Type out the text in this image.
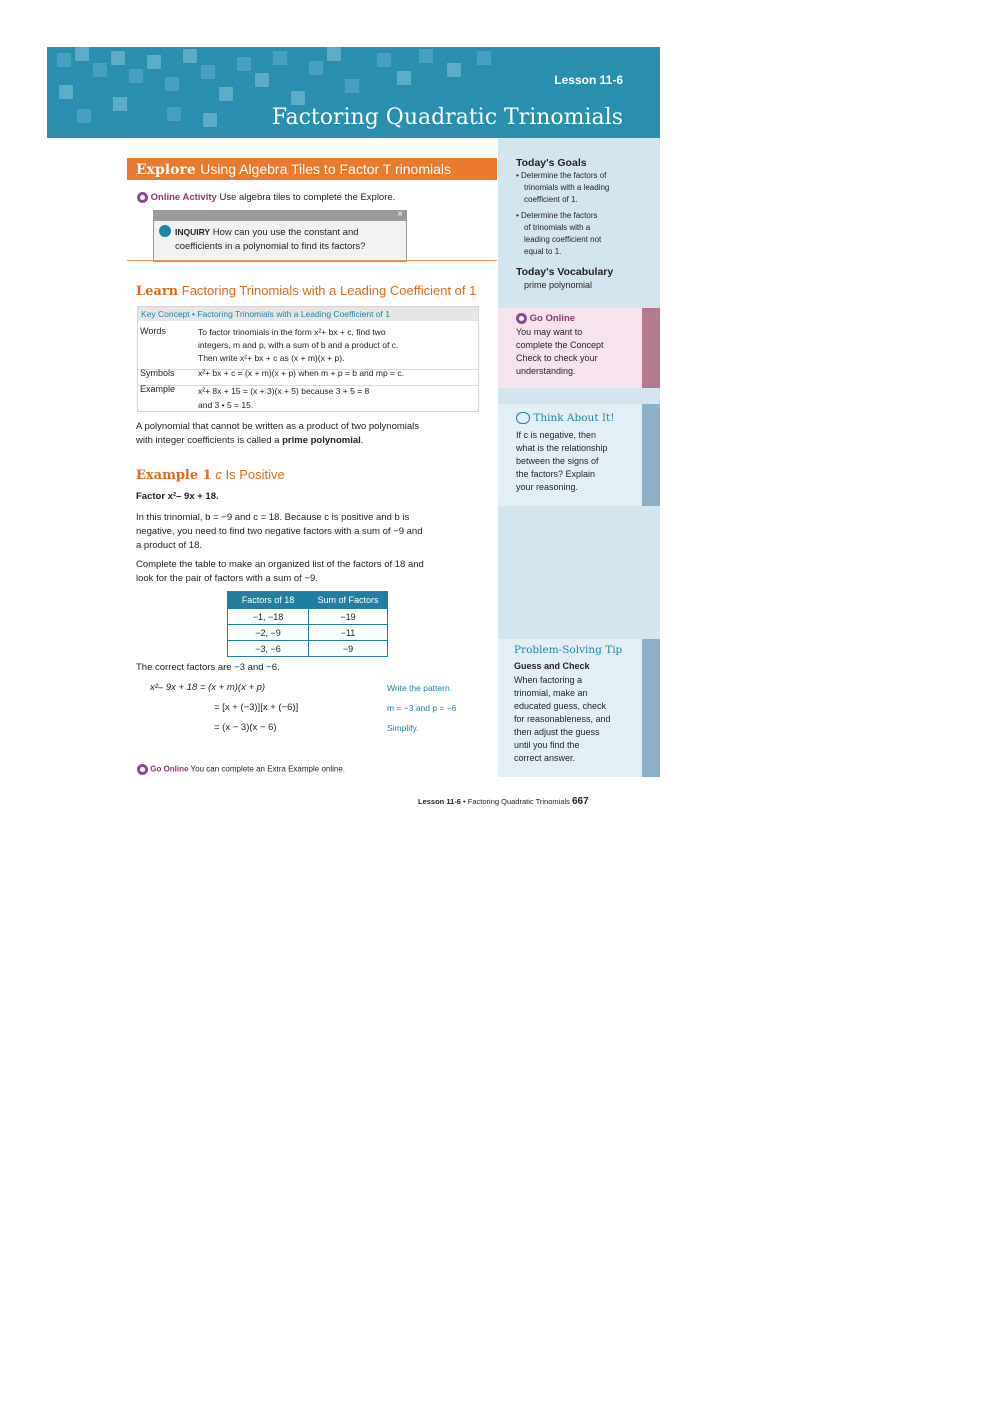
Lesson 11-6
Factoring Quadratic Trinomials
Today's Goals
• Determine the factors of
trinomials with a leading
coefficient of 1.
• Determine the factors
of trinomials with a
leading coefficient not
equal to 1.
Today's Vocabulary
prime polynomial
Go Online
You may want to
complete the Concept
Check to check your
understanding.
Think About It!
If c is negative, then
what is the relationship
between the signs of
the factors? Explain
your reasoning.
Problem-Solving Tip
Guess and Check
When factoring a
trinomial, make an
educated guess, check
for reasonableness, and
then adjust the guess
until you find the
correct answer.
Explore Using Algebra Tiles to Factor T rinomials
Online Activity Use algebra tiles to complete the Explore.
×
INQUIRY How can you use the constant and
coefficients in a polynomial to find its factors?
Learn Factoring Trinomials with a Leading Coefficient of 1
Key Concept • Factoring Trinomials with a Leading Coefficient of 1
Words	To factor trinomials in the form x²+ bx + c, find two
integers, m and p, with a sum of b and a product of c.
Then write x²+ bx + c as (x + m)(x + p).
Symbols	x²+ bx + c = (x + m)(x + p) when m + p = b and mp = c.
Example	x²+ 8x + 15 = (x + 3)(x + 5) because 3 + 5 = 8
and 3 • 5 = 15.
A polynomial that cannot be written as a product of two polynomials
with integer coefficients is called a prime polynomial.
Example 1 c Is Positive
Factor x²– 9x + 18.
In this trinomial, b = −9 and c = 18. Because c is positive and b is
negative, you need to find two negative factors with a sum of −9 and
a product of 18.
Complete the table to make an organized list of the factors of 18 and
look for the pair of factors with a sum of −9.
Factors of 18	Sum of Factors
−1, −18	−19
−2, −9	−11
−3, −6	−9
The correct factors are −3 and −6.
x²– 9x + 18 = (x + m)(x + p)	Write the pattern.
= [x + (−3)][x + (−6)]	m = −3 and p = −6
= (x − 3)(x − 6)	Simplify.
Go Online You can complete an Extra Example online.
Lesson 11-6 • Factoring Quadratic Trinomials 667
